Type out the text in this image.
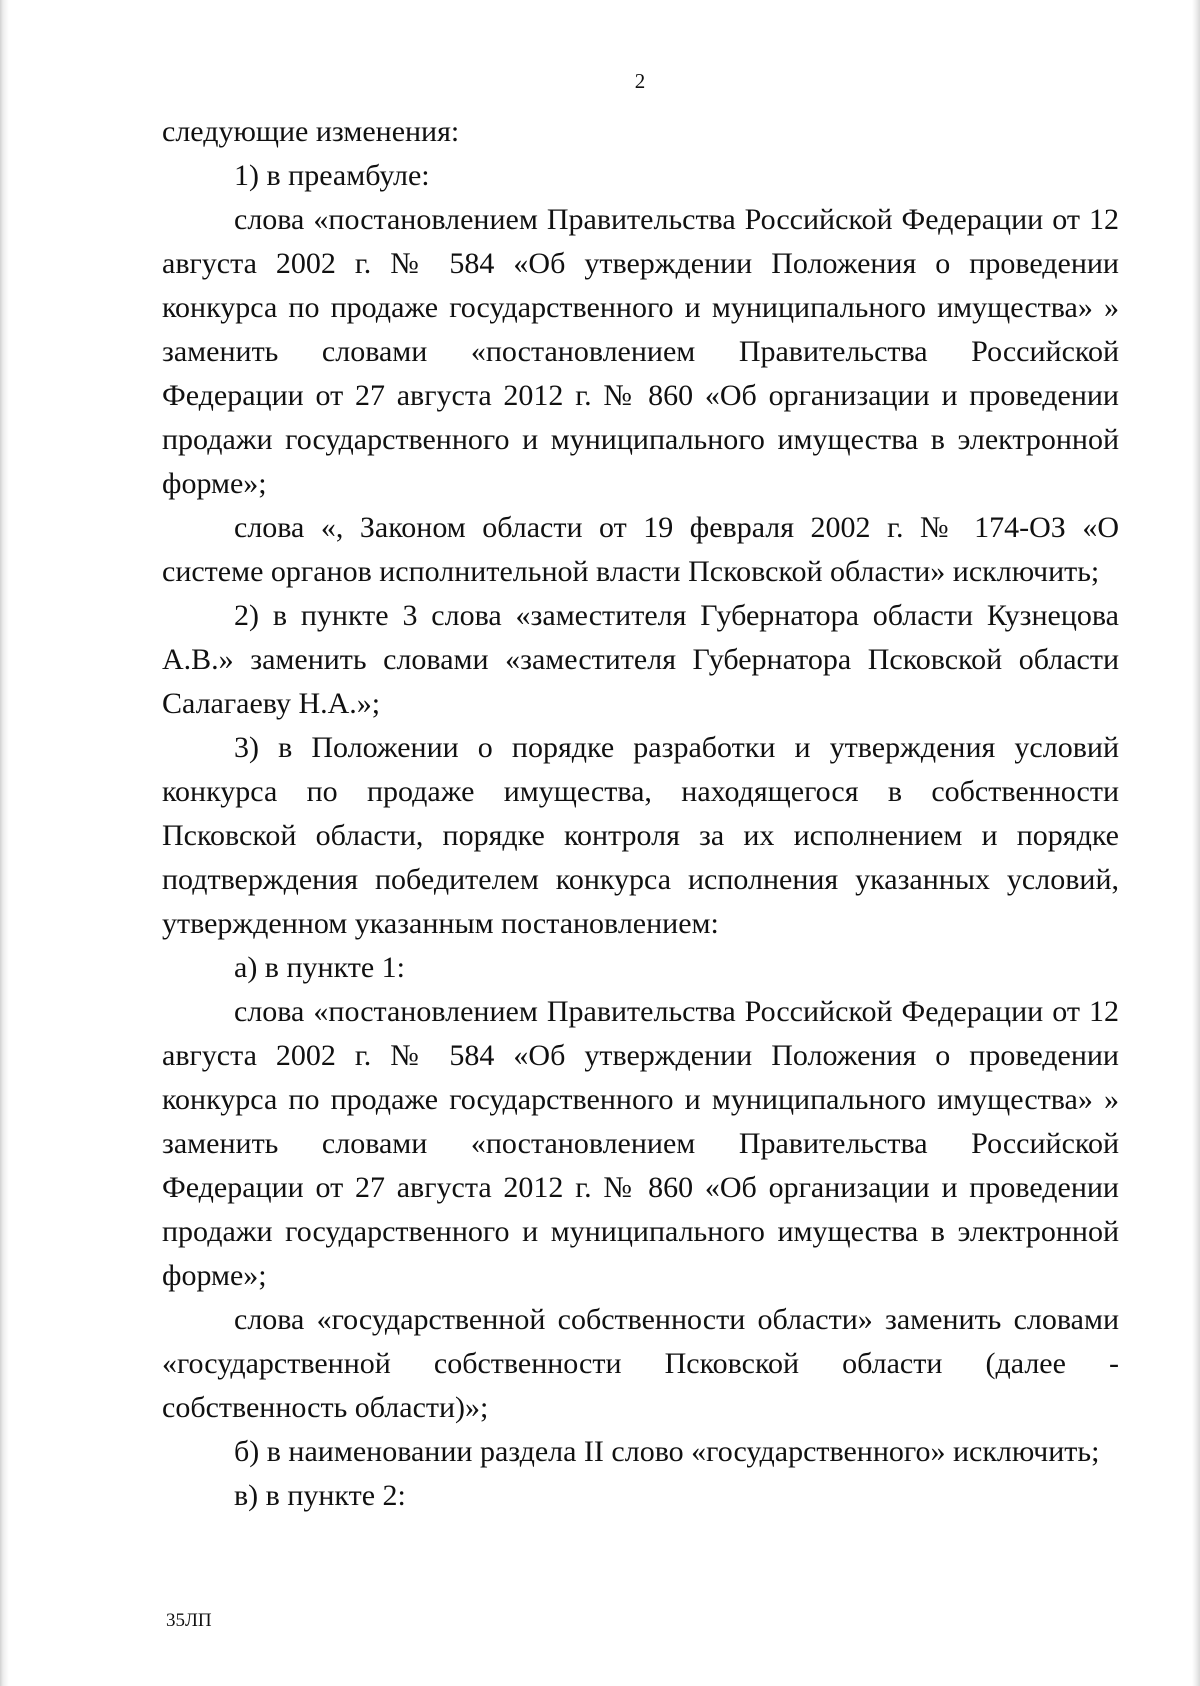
2

следующие изменения:

1) в преамбуле:

слова «постановлением Правительства Российской Федерации от 12 августа 2002 г. № 584 «Об утверждении Положения о проведении конкурса по продаже государственного и муниципального имущества» » заменить словами «постановлением Правительства Российской Федерации от 27 августа 2012 г. № 860 «Об организации и проведении продажи государственного и муниципального имущества в электронной форме»;

слова «, Законом области от 19 февраля 2002 г. № 174-ОЗ «О системе органов исполнительной власти Псковской области» исключить;

2) в пункте 3 слова «заместителя Губернатора области Кузнецова А.В.» заменить словами «заместителя Губернатора Псковской области Салагаеву Н.А.»;

3) в Положении о порядке разработки и утверждения условий конкурса по продаже имущества, находящегося в собственности Псковской области, порядке контроля за их исполнением и порядке подтверждения победителем конкурса исполнения указанных условий, утвержденном указанным постановлением:

а) в пункте 1:

слова «постановлением Правительства Российской Федерации от 12 августа 2002 г. № 584 «Об утверждении Положения о проведении конкурса по продаже государственного и муниципального имущества» » заменить словами «постановлением Правительства Российской Федерации от 27 августа 2012 г. № 860 «Об организации и проведении продажи государственного и муниципального имущества в электронной форме»;

слова «государственной собственности области» заменить словами «государственной собственности Псковской области (далее - собственность области)»;

б) в наименовании раздела II слово «государственного» исключить;

в) в пункте 2:

35ЛП
